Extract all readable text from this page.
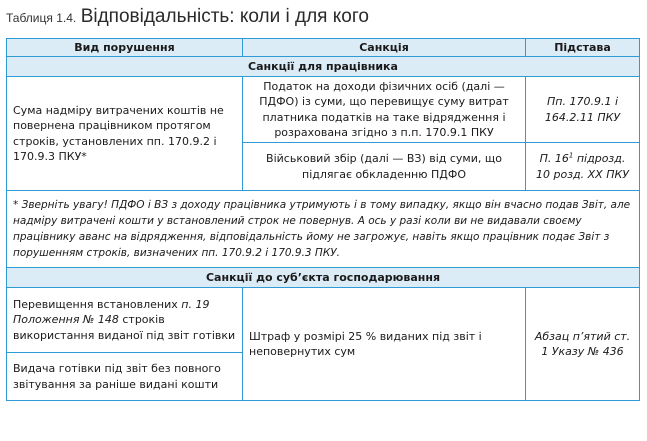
Таблиця 1.4. Відповідальність: коли і для кого
Вид порушення	Санкція	Підстава
Санкції для працівника		
Сума надміру витрачених коштів не повернена працівником протягом строків, установлених пп. 170.9.2 і 170.9.3 ПКУ*	Податок на доходи фізичних осіб (далі — ПДФО) із суми, що перевищує суму витрат платника податків на таке відрядження і розрахована згідно з п.п. 170.9.1 ПКУ	Пп. 170.9.1 і 164.2.11 ПКУ
	Військовий збір (далі — ВЗ) від суми, що підлягає обкладенню ПДФО	П. $16^1$ підрозд. 10 розд. ХХ ПКУ
* Зверніть увагу! ПДФО і ВЗ з доходу працівника утримують і в тому випадку, якщо він вчасно подав Звіт, але надміру витрачені кошти у встановлений строк не повернув. А ось у разі коли ви не видавали своєму працівнику аванс на відрядження, відповідальність йому не загрожує, навіть якщо працівник подає Звіт з порушенням строків, визначених пп. 170.9.2 і 170.9.3 ПКУ.		
Санкції до суб’єкта господарювання		
Перевищення встановлених п. 19 Положення № 148 строків використання виданої під звіт готівки	Штраф у розмірі 25 % виданих під звіт і неповернутих сум	Абзац п’ятий ст. 1 Указу № 436
Видача готівки під звіт без повного звітування за раніше видані кошти		
